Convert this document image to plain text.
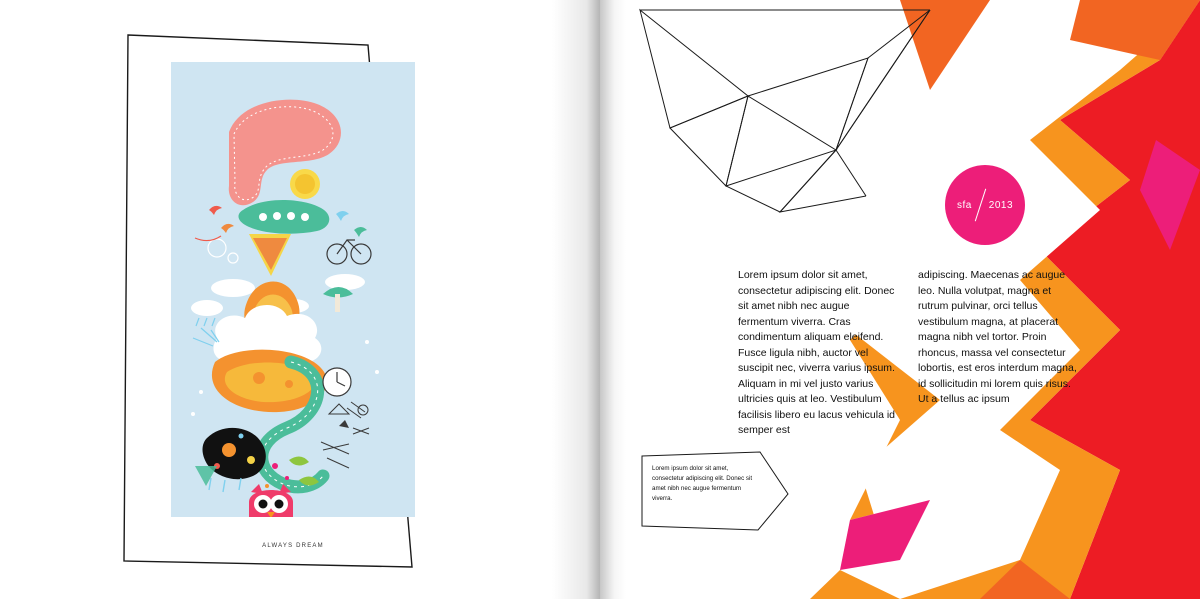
ALWAYS DREAM
sfa 2013
Lorem ipsum dolor sit amet, consectetur adipiscing elit. Donec sit amet nibh nec augue fermentum viverra. Cras condimentum aliquam eleifend. Fusce ligula nibh, auctor vel suscipit nec, viverra varius ipsum. Aliquam in mi vel justo varius ultricies quis at leo. Vestibulum facilisis libero eu lacus vehicula id semper est
adipiscing. Maecenas ac augue leo. Nulla volutpat, magna et rutrum pulvinar, orci tellus vestibulum magna, at placerat magna nibh vel tortor. Proin rhoncus, massa vel consectetur lobortis, est eros interdum magna, id sollicitudin mi lorem quis risus. Ut a tellus ac ipsum
Lorem ipsum dolor sit amet, consectetur adipiscing elit. Donec sit amet nibh nec augue fermentum viverra.
